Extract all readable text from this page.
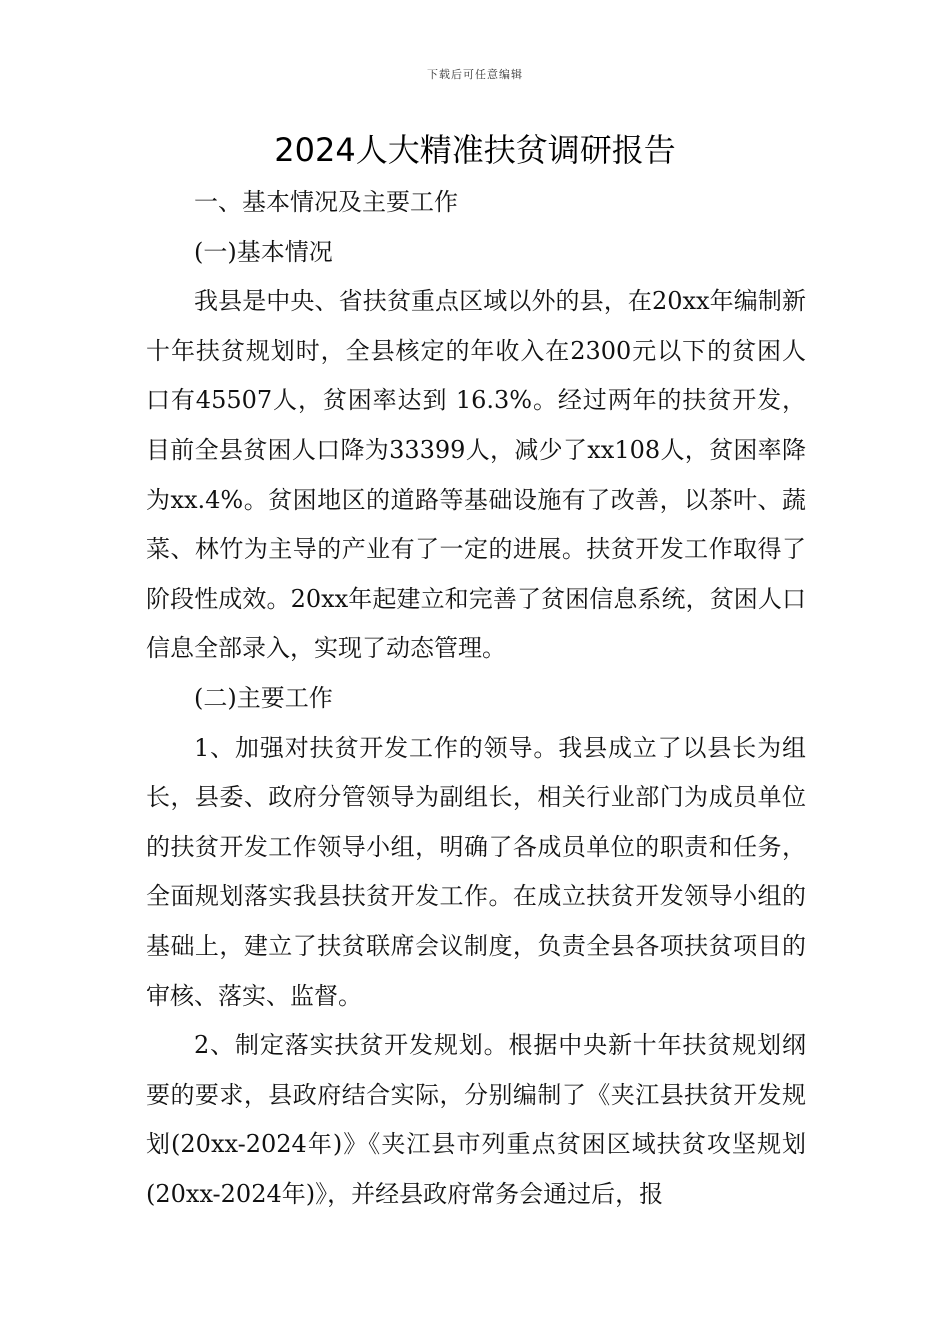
下载后可任意编辑
2024人大精准扶贫调研报告

一、基本情况及主要工作

(一)基本情况

我县是中央、省扶贫重点区域以外的县，在20xx年编制新十年扶贫规划时，全县核定的年收入在2300元以下的贫困人口有45507人，贫困率达到 16.3%。经过两年的扶贫开发，目前全县贫困人口降为33399人，减少了xx108人，贫困率降为xx.4%。贫困地区的道路等基础设施有了改善，以茶叶、蔬菜、林竹为主导的产业有了一定的进展。扶贫开发工作取得了阶段性成效。20xx年起建立和完善了贫困信息系统，贫困人口信息全部录入，实现了动态管理。

(二)主要工作

1、加强对扶贫开发工作的领导。我县成立了以县长为组长，县委、政府分管领导为副组长，相关行业部门为成员单位的扶贫开发工作领导小组，明确了各成员单位的职责和任务，全面规划落实我县扶贫开发工作。在成立扶贫开发领导小组的基础上，建立了扶贫联席会议制度，负责全县各项扶贫项目的审核、落实、监督。

2、制定落实扶贫开发规划。根据中央新十年扶贫规划纲要的要求，县政府结合实际，分别编制了《夹江县扶贫开发规划(20xx-2024年)》《夹江县市列重点贫困区域扶贫攻坚规划(20xx-2024年)》，并经县政府常务会通过后，报
